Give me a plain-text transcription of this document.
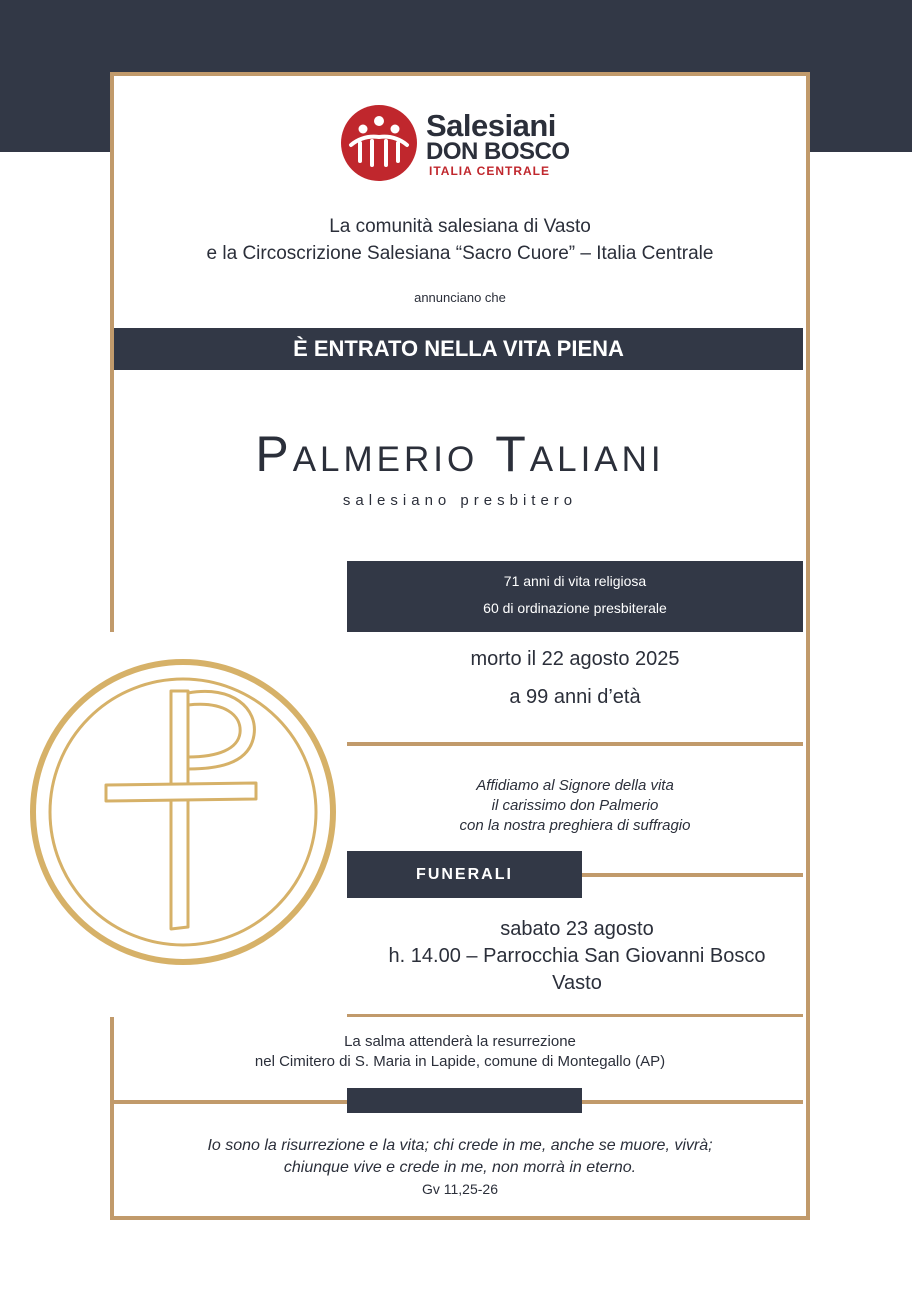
Salesiani
DON BOSCO
ITALIA CENTRALE
La comunità salesiana di Vasto
e la Circoscrizione Salesiana “Sacro Cuore” – Italia Centrale
annunciano che
È ENTRATO NELLA VITA PIENA
Palmerio Taliani
salesiano presbitero
71 anni di vita religiosa
60 di ordinazione presbiterale
morto il 22 agosto 2025
a 99 anni d’età
Affidiamo al Signore della vita
il carissimo don Palmerio
con la nostra preghiera di suffragio
FUNERALI
sabato 23 agosto
h. 14.00 – Parrocchia San Giovanni Bosco
Vasto
La salma attenderà la resurrezione
nel Cimitero di S. Maria in Lapide, comune di Montegallo (AP)
Io sono la risurrezione e la vita; chi crede in me, anche se muore, vivrà;
chiunque vive e crede in me, non morrà in eterno.
Gv 11,25-26
